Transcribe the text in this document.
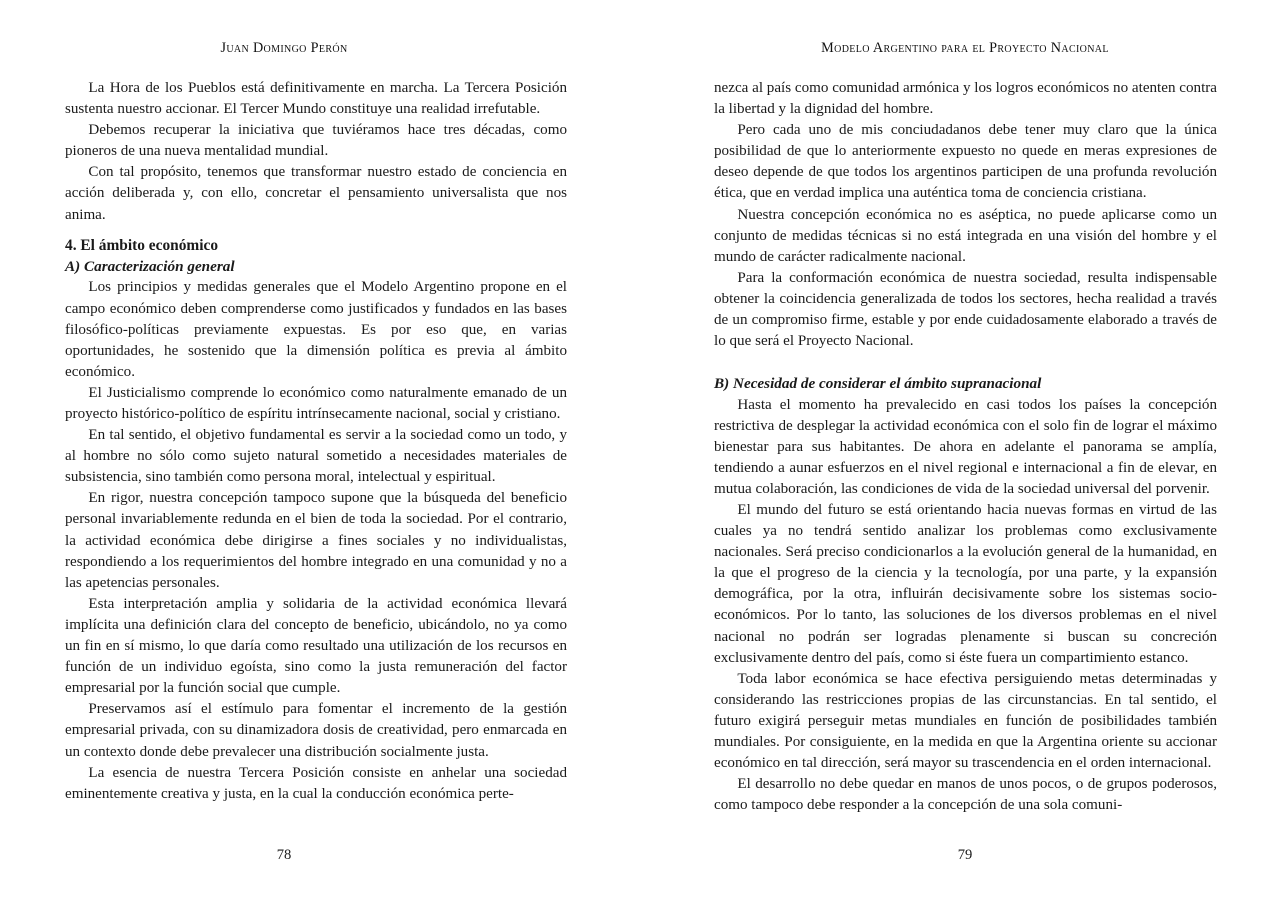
Juan Domingo Perón

La Hora de los Pueblos está definitivamente en marcha. La Tercera Posición sustenta nuestro accionar. El Tercer Mundo constituye una realidad irrefutable.

Debemos recuperar la iniciativa que tuviéramos hace tres décadas, como pioneros de una nueva mentalidad mundial.

Con tal propósito, tenemos que transformar nuestro estado de conciencia en acción deliberada y, con ello, concretar el pensamiento universalista que nos anima.

4. El ámbito económico
A) Caracterización general

Los principios y medidas generales que el Modelo Argentino propone en el campo económico deben comprenderse como justificados y fundados en las bases filosófico-políticas previamente expuestas. Es por eso que, en varias oportunidades, he sostenido que la dimensión política es previa al ámbito económico.

El Justicialismo comprende lo económico como naturalmente emanado de un proyecto histórico-político de espíritu intrínsecamente nacional, social y cristiano.

En tal sentido, el objetivo fundamental es servir a la sociedad como un todo, y al hombre no sólo como sujeto natural sometido a necesidades materiales de subsistencia, sino también como persona moral, intelectual y espiritual.

En rigor, nuestra concepción tampoco supone que la búsqueda del beneficio personal invariablemente redunda en el bien de toda la sociedad. Por el contrario, la actividad económica debe dirigirse a fines sociales y no individualistas, respondiendo a los requerimientos del hombre integrado en una comunidad y no a las apetencias personales.

Esta interpretación amplia y solidaria de la actividad económica llevará implícita una definición clara del concepto de beneficio, ubicándolo, no ya como un fin en sí mismo, lo que daría como resultado una utilización de los recursos en función de un individuo egoísta, sino como la justa remuneración del factor empresarial por la función social que cumple.

Preservamos así el estímulo para fomentar el incremento de la gestión empresarial privada, con su dinamizadora dosis de creatividad, pero enmarcada en un contexto donde debe prevalecer una distribución socialmente justa.

La esencia de nuestra Tercera Posición consiste en anhelar una sociedad eminentemente creativa y justa, en la cual la conducción económica perte-

78
Modelo Argentino para el Proyecto Nacional

nezca al país como comunidad armónica y los logros económicos no atenten contra la libertad y la dignidad del hombre.

Pero cada uno de mis conciudadanos debe tener muy claro que la única posibilidad de que lo anteriormente expuesto no quede en meras expresiones de deseo depende de que todos los argentinos participen de una profunda revolución ética, que en verdad implica una auténtica toma de conciencia cristiana.

Nuestra concepción económica no es aséptica, no puede aplicarse como un conjunto de medidas técnicas si no está integrada en una visión del hombre y el mundo de carácter radicalmente nacional.

Para la conformación económica de nuestra sociedad, resulta indispensable obtener la coincidencia generalizada de todos los sectores, hecha realidad a través de un compromiso firme, estable y por ende cuidadosamente elaborado a través de lo que será el Proyecto Nacional.

B) Necesidad de considerar el ámbito supranacional

Hasta el momento ha prevalecido en casi todos los países la concepción restrictiva de desplegar la actividad económica con el solo fin de lograr el máximo bienestar para sus habitantes. De ahora en adelante el panorama se amplía, tendiendo a aunar esfuerzos en el nivel regional e internacional a fin de elevar, en mutua colaboración, las condiciones de vida de la sociedad universal del porvenir.

El mundo del futuro se está orientando hacia nuevas formas en virtud de las cuales ya no tendrá sentido analizar los problemas como exclusivamente nacionales. Será preciso condicionarlos a la evolución general de la humanidad, en la que el progreso de la ciencia y la tecnología, por una parte, y la expansión demográfica, por la otra, influirán decisivamente sobre los sistemas socio-económicos. Por lo tanto, las soluciones de los diversos problemas en el nivel nacional no podrán ser logradas plenamente si buscan su concreción exclusivamente dentro del país, como si éste fuera un compartimiento estanco.

Toda labor económica se hace efectiva persiguiendo metas determinadas y considerando las restricciones propias de las circunstancias. En tal sentido, el futuro exigirá perseguir metas mundiales en función de posibilidades también mundiales. Por consiguiente, en la medida en que la Argentina oriente su accionar económico en tal dirección, será mayor su trascendencia en el orden internacional.

El desarrollo no debe quedar en manos de unos pocos, o de grupos poderosos, como tampoco debe responder a la concepción de una sola comuni-

79
